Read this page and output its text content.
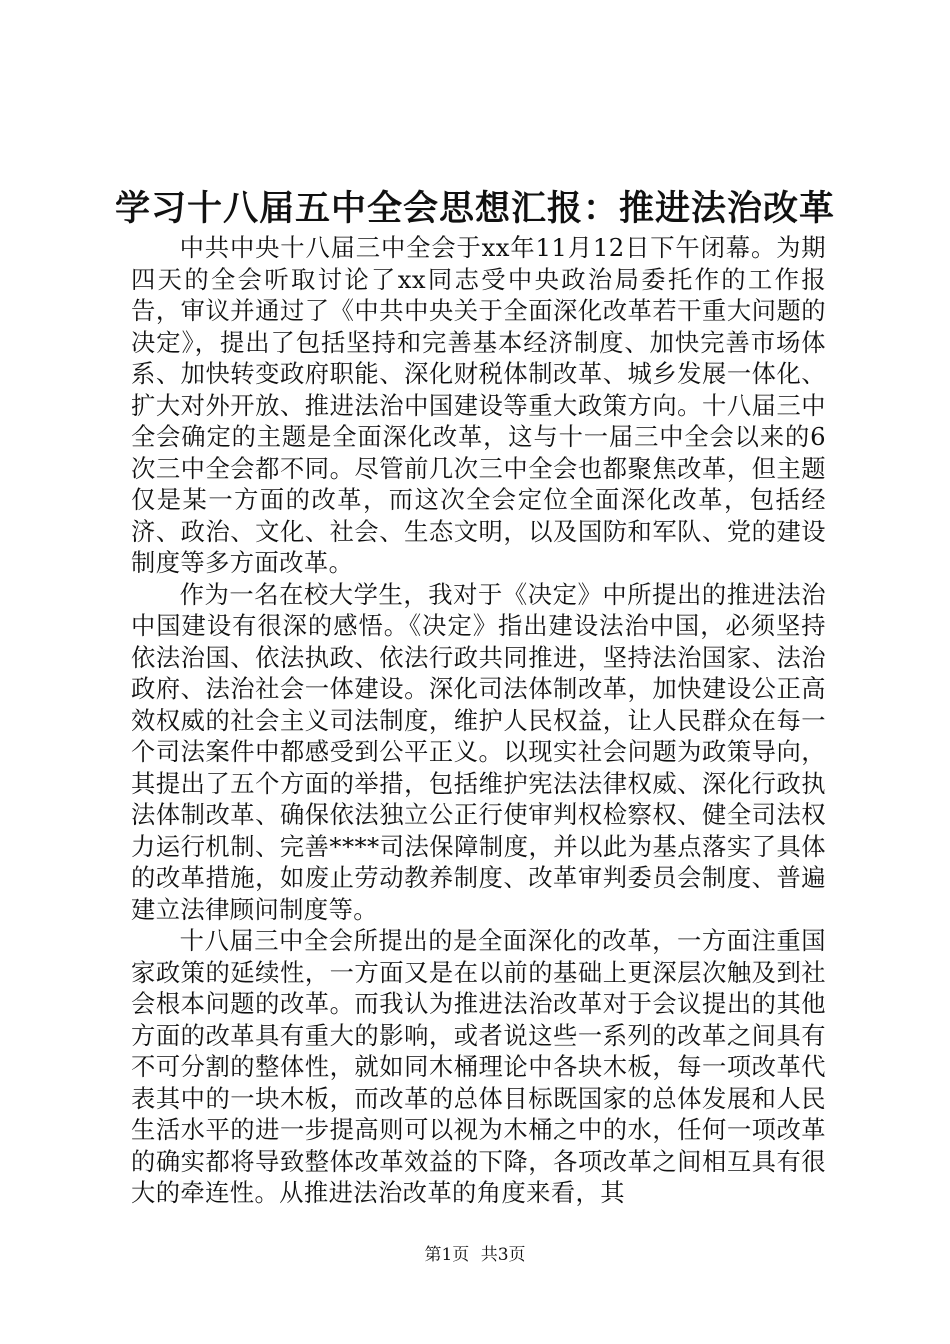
学习十八届五中全会思想汇报：推进法治改革

中共中央十八届三中全会于xx年11月12日下午闭幕。为期四天的全会听取讨论了xx同志受中央政治局委托作的工作报告，审议并通过了《中共中央关于全面深化改革若干重大问题的决定》，提出了包括坚持和完善基本经济制度、加快完善市场体系、加快转变政府职能、深化财税体制改革、城乡发展一体化、扩大对外开放、推进法治中国建设等重大政策方向。十八届三中全会确定的主题是全面深化改革，这与十一届三中全会以来的6次三中全会都不同。尽管前几次三中全会也都聚焦改革，但主题仅是某一方面的改革，而这次全会定位全面深化改革，包括经济、政治、文化、社会、生态文明，以及国防和军队、党的建设制度等多方面改革。

作为一名在校大学生，我对于《决定》中所提出的推进法治中国建设有很深的感悟。《决定》指出建设法治中国，必须坚持依法治国、依法执政、依法行政共同推进，坚持法治国家、法治政府、法治社会一体建设。深化司法体制改革，加快建设公正高效权威的社会主义司法制度，维护人民权益，让人民群众在每一个司法案件中都感受到公平正义。以现实社会问题为政策导向，其提出了五个方面的举措，包括维护宪法法律权威、深化行政执法体制改革、确保依法独立公正行使审判权检察权、健全司法权力运行机制、完善****司法保障制度，并以此为基点落实了具体的改革措施，如废止劳动教养制度、改革审判委员会制度、普遍建立法律顾问制度等。

十八届三中全会所提出的是全面深化的改革，一方面注重国家政策的延续性，一方面又是在以前的基础上更深层次触及到社会根本问题的改革。而我认为推进法治改革对于会议提出的其他方面的改革具有重大的影响，或者说这些一系列的改革之间具有不可分割的整体性，就如同木桶理论中各块木板，每一项改革代表其中的一块木板，而改革的总体目标既国家的总体发展和人民生活水平的进一步提高则可以视为木桶之中的水，任何一项改革的确实都将导致整体改革效益的下降，各项改革之间相互具有很大的牵连性。从推进法治改革的角度来看，其

第1页 共3页
